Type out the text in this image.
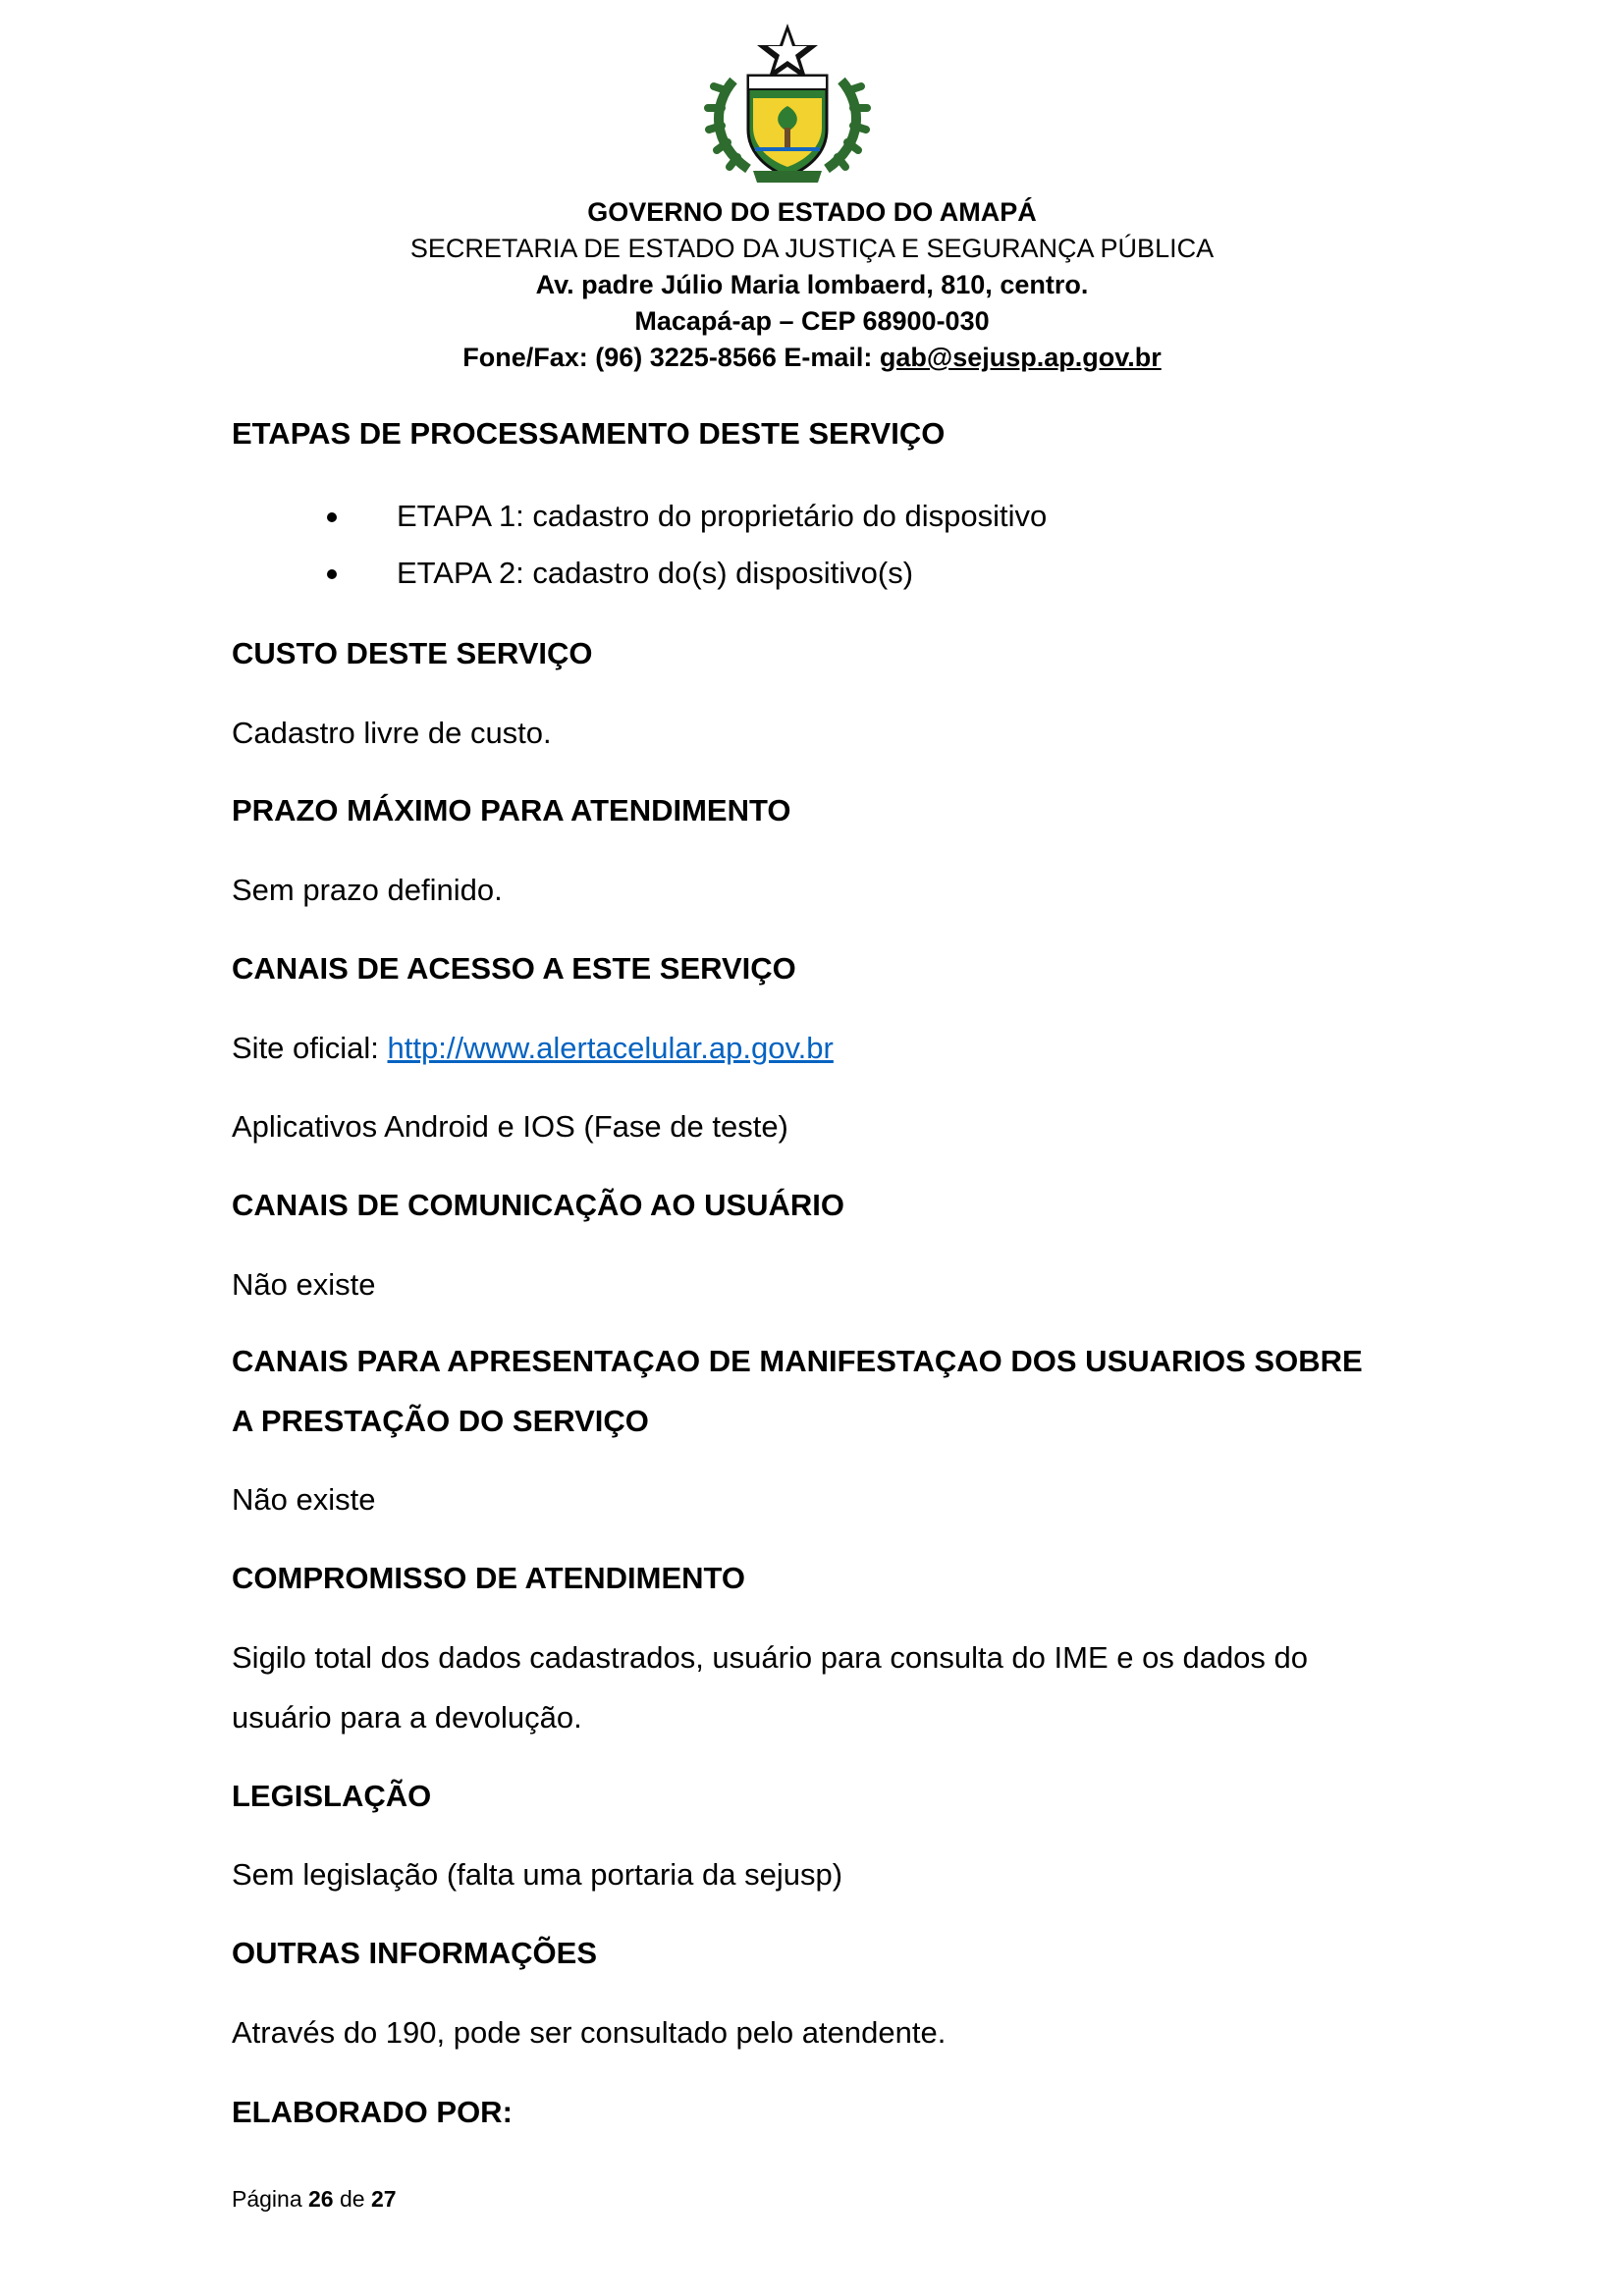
GOVERNO DO ESTADO DO AMAPÁ
SECRETARIA DE ESTADO DA JUSTIÇA E SEGURANÇA PÚBLICA
Av. padre Júlio Maria lombaerd, 810, centro.
Macapá-ap – CEP 68900-030
Fone/Fax: (96) 3225-8566 E-mail: gab@sejusp.ap.gov.br
ETAPAS DE PROCESSAMENTO DESTE SERVIÇO
ETAPA 1: cadastro do proprietário do dispositivo
ETAPA 2: cadastro do(s) dispositivo(s)
CUSTO DESTE SERVIÇO
Cadastro livre de custo.
PRAZO MÁXIMO PARA ATENDIMENTO
Sem prazo definido.
CANAIS DE ACESSO A ESTE SERVIÇO
Site oficial: http://www.alertacelular.ap.gov.br
Aplicativos Android e IOS (Fase de teste)
CANAIS DE COMUNICAÇÃO AO USUÁRIO
Não existe
CANAIS PARA APRESENTAÇAO DE MANIFESTAÇAO DOS USUARIOS SOBRE
A PRESTAÇÃO DO SERVIÇO
Não existe
COMPROMISSO DE ATENDIMENTO
Sigilo total dos dados cadastrados, usuário para consulta do IME e os dados do
usuário para a devolução.
LEGISLAÇÃO
Sem legislação (falta uma portaria da sejusp)
OUTRAS INFORMAÇÕES
Através do 190, pode ser consultado pelo atendente.
ELABORADO POR:
Página 26 de 27
